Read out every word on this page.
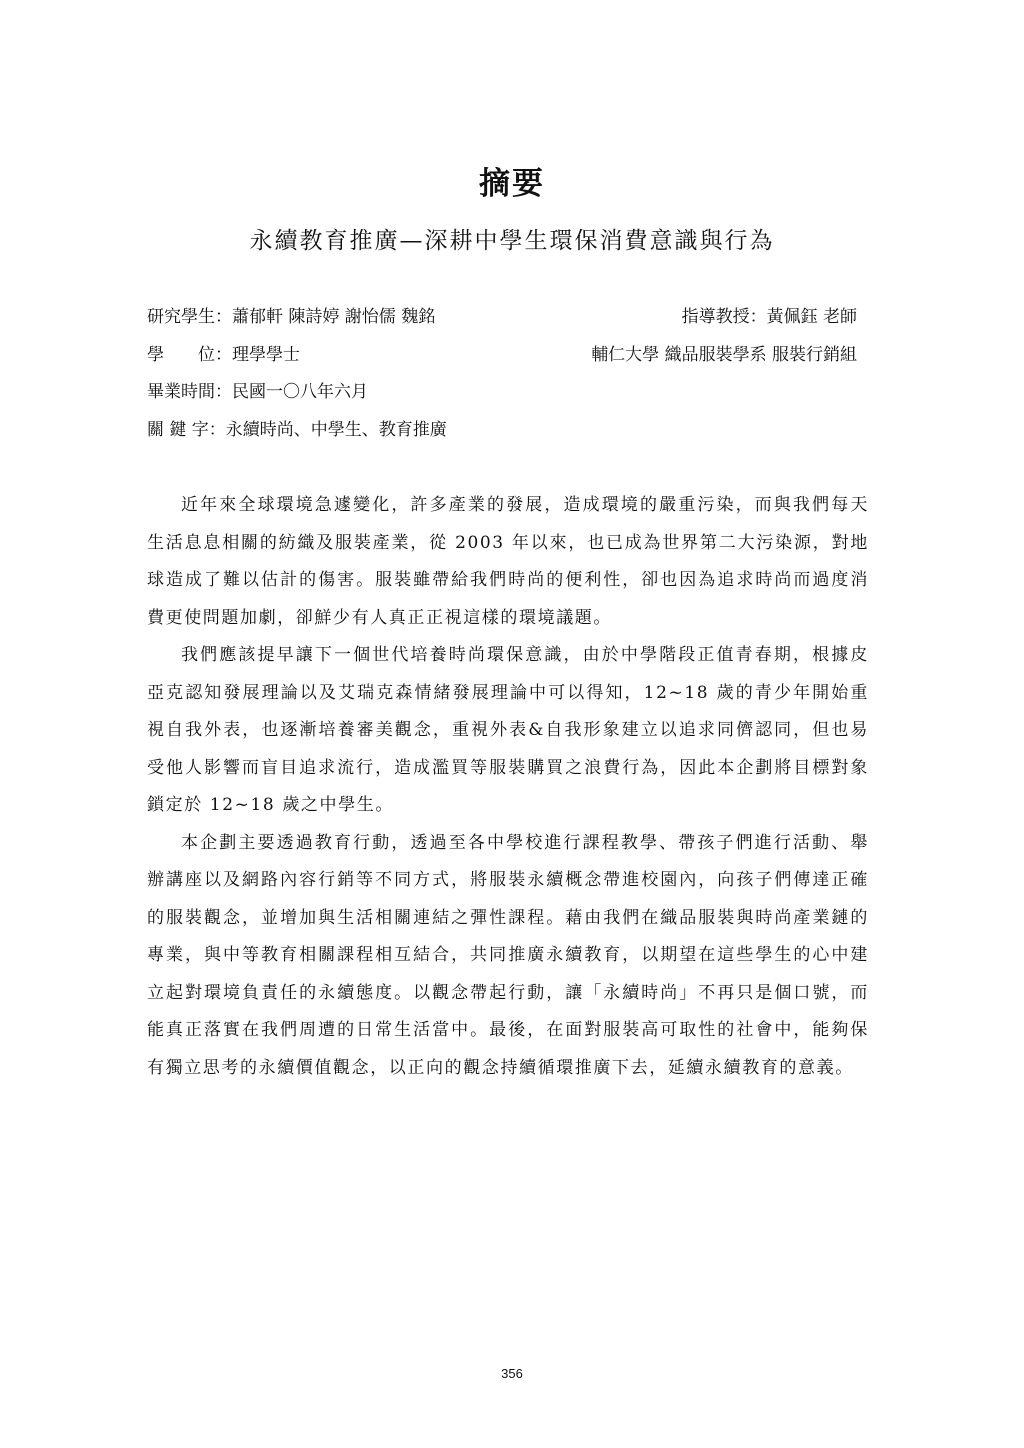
摘要
永續教育推廣—深耕中學生環保消費意識與行為
研究學生：蕭郁軒 陳詩婷 謝怡儒 魏銘	指導教授：黃佩鈺 老師
學　　位：理學學士	輔仁大學 織品服裝學系 服裝行銷組
畢業時間：民國一〇八年六月
關 鍵 字：永續時尚、中學生、教育推廣

近年來全球環境急遽變化，許多產業的發展，造成環境的嚴重污染，而與我們每天生活息息相關的紡織及服裝產業，從 2003 年以來，也已成為世界第二大污染源，對地球造成了難以估計的傷害。服裝雖帶給我們時尚的便利性，卻也因為追求時尚而過度消費更使問題加劇，卻鮮少有人真正正視這樣的環境議題。

我們應該提早讓下一個世代培養時尚環保意識，由於中學階段正值青春期，根據皮亞克認知發展理論以及艾瑞克森情緒發展理論中可以得知，12~18 歲的青少年開始重視自我外表，也逐漸培養審美觀念，重視外表&自我形象建立以追求同儕認同，但也易受他人影響而盲目追求流行，造成濫買等服裝購買之浪費行為，因此本企劃將目標對象鎖定於 12~18 歲之中學生。

本企劃主要透過教育行動，透過至各中學校進行課程教學、帶孩子們進行活動、舉辦講座以及網路內容行銷等不同方式，將服裝永續概念帶進校園內，向孩子們傳達正確的服裝觀念，並增加與生活相關連結之彈性課程。藉由我們在織品服裝與時尚產業鏈的專業，與中等教育相關課程相互結合，共同推廣永續教育，以期望在這些學生的心中建立起對環境負責任的永續態度。以觀念帶起行動，讓「永續時尚」不再只是個口號，而能真正落實在我們周遭的日常生活當中。最後，在面對服裝高可取性的社會中，能夠保有獨立思考的永續價值觀念，以正向的觀念持續循環推廣下去，延續永續教育的意義。

356
